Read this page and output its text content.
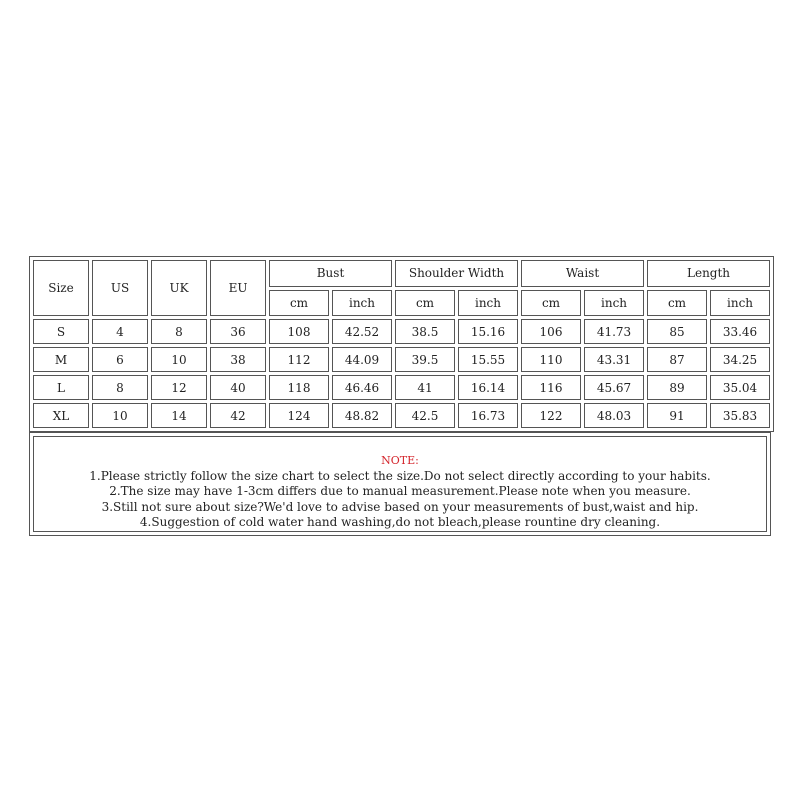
Size	US	UK	EU	Bust		Shoulder Width		Waist		Length	
				cm	inch	cm	inch	cm	inch	cm	inch
S	4	8	36	108	42.52	38.5	15.16	106	41.73	85	33.46
M	6	10	38	112	44.09	39.5	15.55	110	43.31	87	34.25
L	8	12	40	118	46.46	41	16.14	116	45.67	89	35.04
XL	10	14	42	124	48.82	42.5	16.73	122	48.03	91	35.83
NOTE:
1.Please strictly follow the size chart to select the size.Do not select directly according to your habits.
2.The size may have 1-3cm differs due to manual measurement.Please note when you measure.
3.Still not sure about size?We'd love to advise based on your measurements of bust,waist and hip.
4.Suggestion of cold water hand washing,do not bleach,please rountine dry cleaning.
